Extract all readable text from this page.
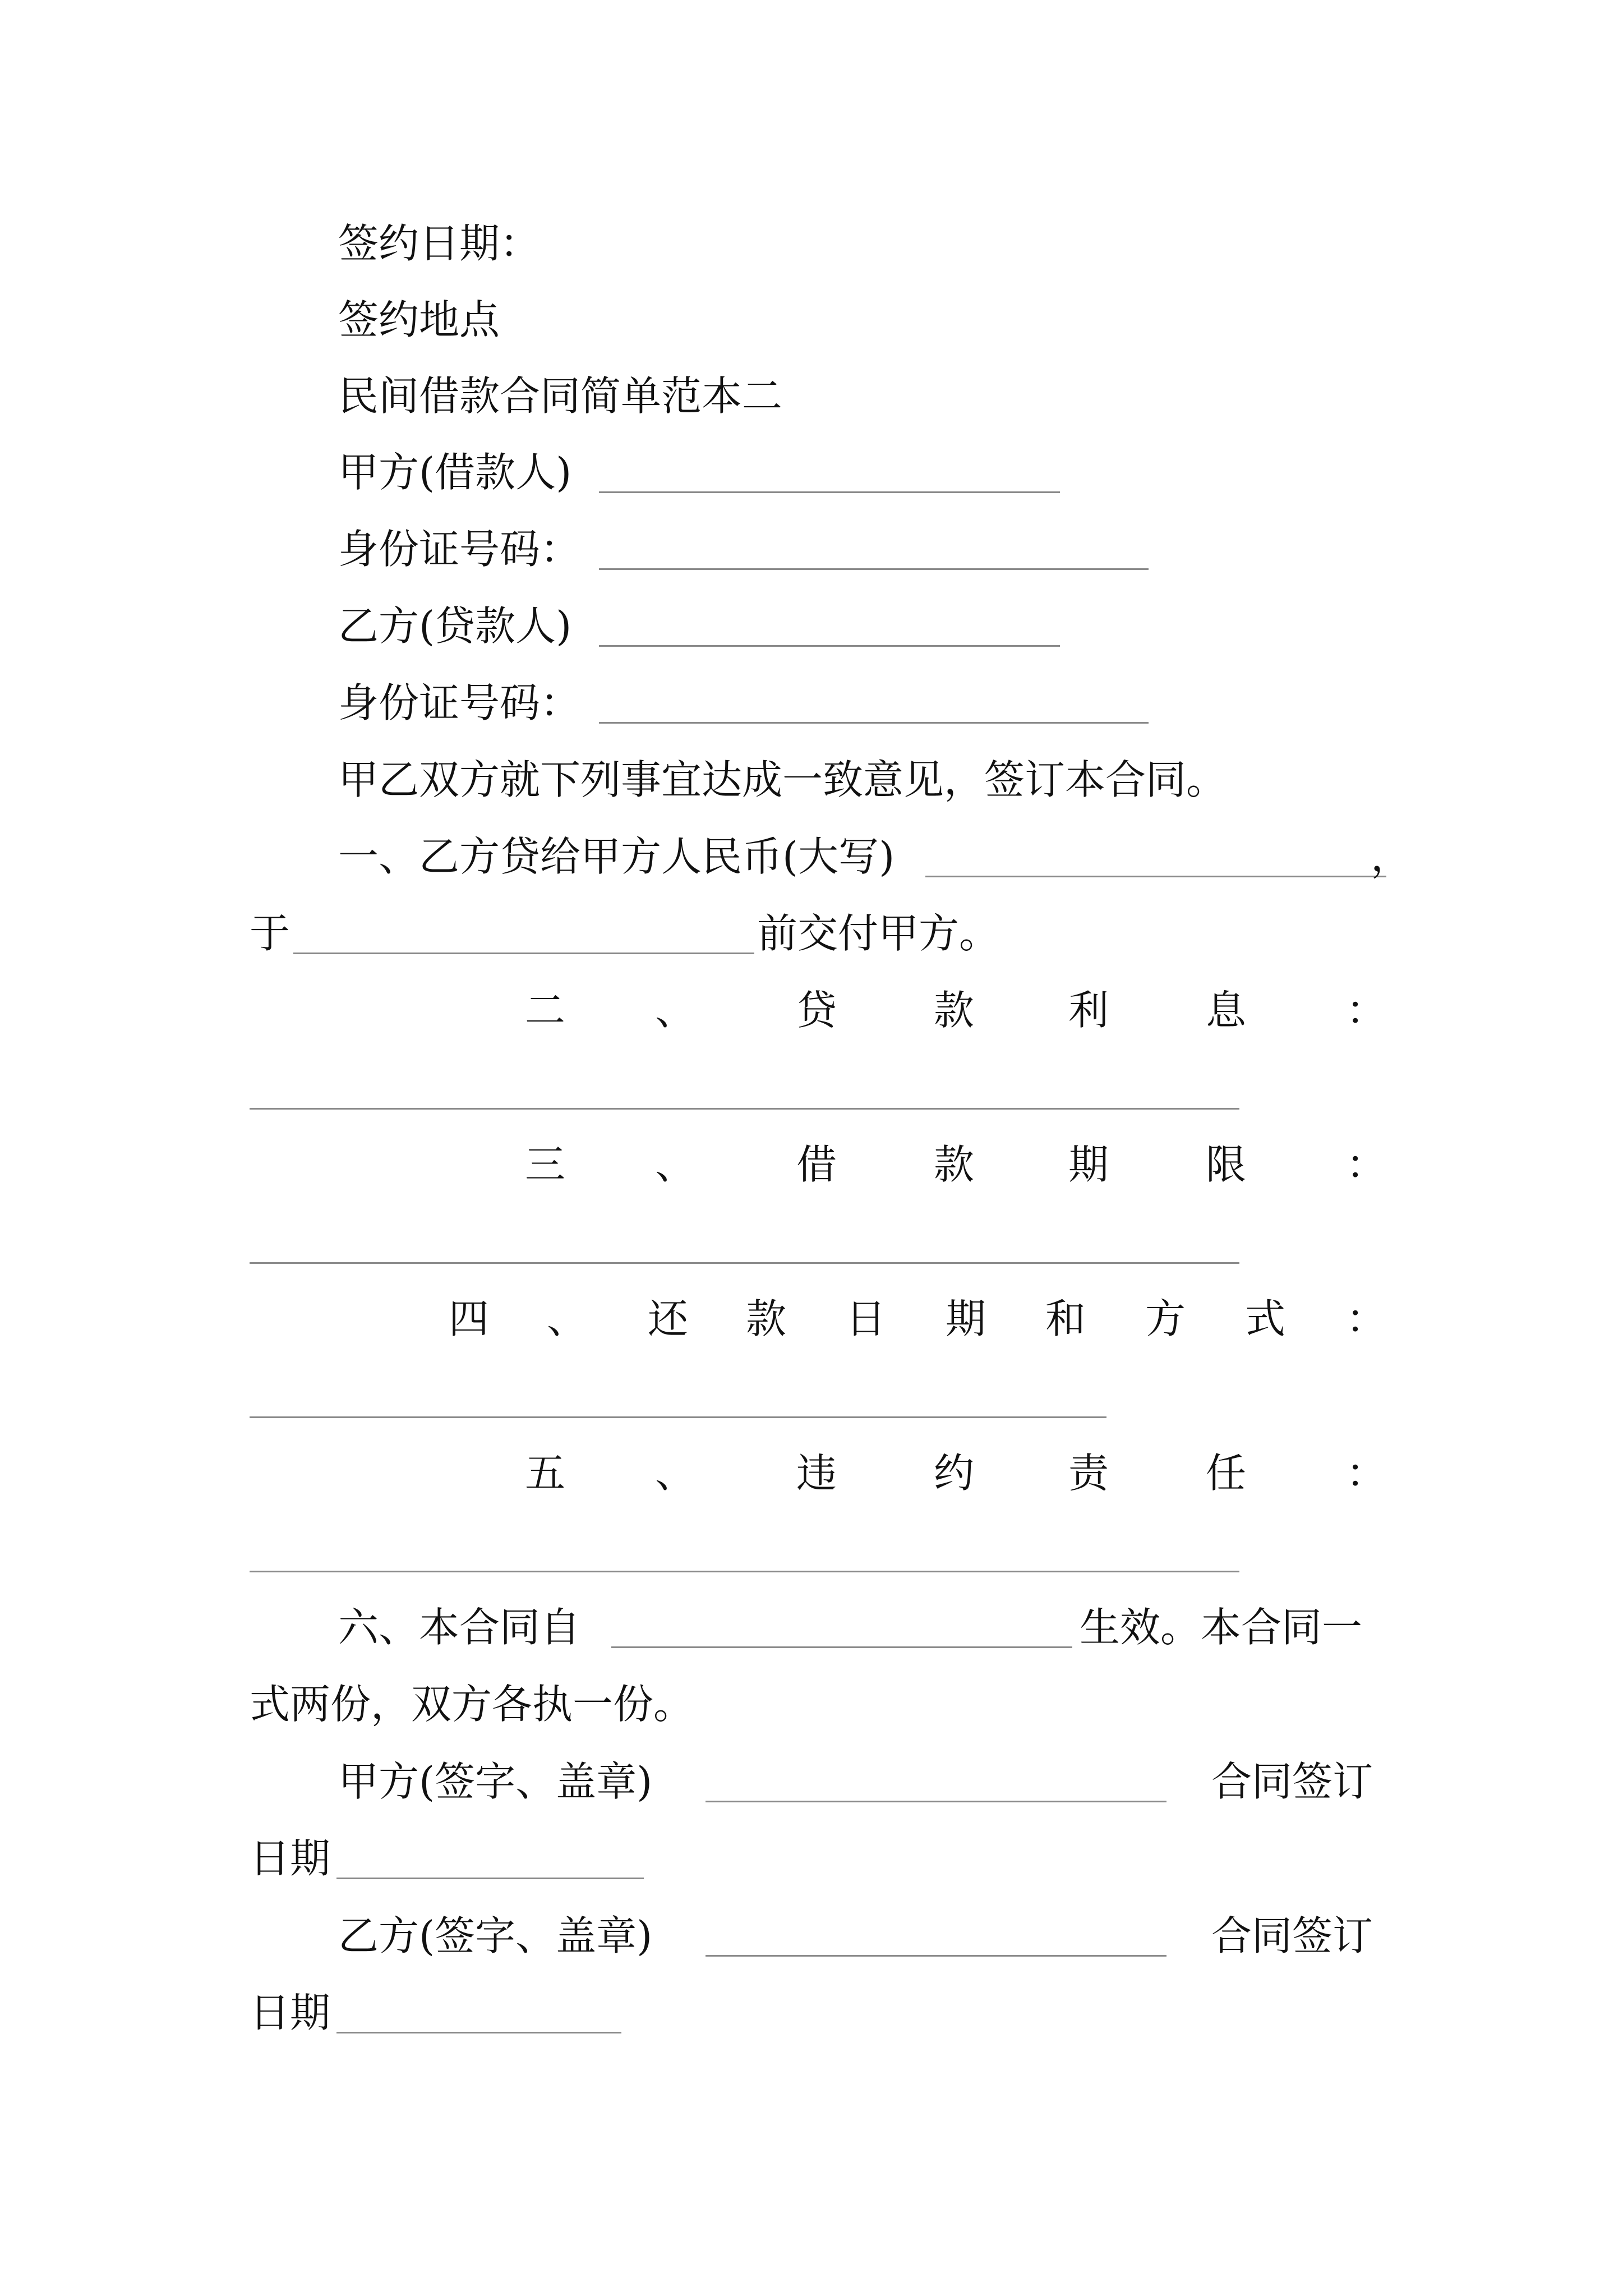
签约日期：
签约地点
民间借款合同简单范本二
甲方(借款人)
身份证号码：
乙方(贷款人)
身份证号码：
甲乙双方就下列事宜达成一致意见，签订本合同。
一、乙方贷给甲方人民币(大写)	，
于	前交付甲方。
二 、 贷 款 利 息 ：
三 、 借 款 期 限 ：
四 、 还 款 日 期 和 方 式 ：
五 、 违 约 责 任 ：
六、本合同自	生效。本合同一
式两份，双方各执一份。
甲方(签字、盖章)	合同签订
日期
乙方(签字、盖章)	合同签订
日期
